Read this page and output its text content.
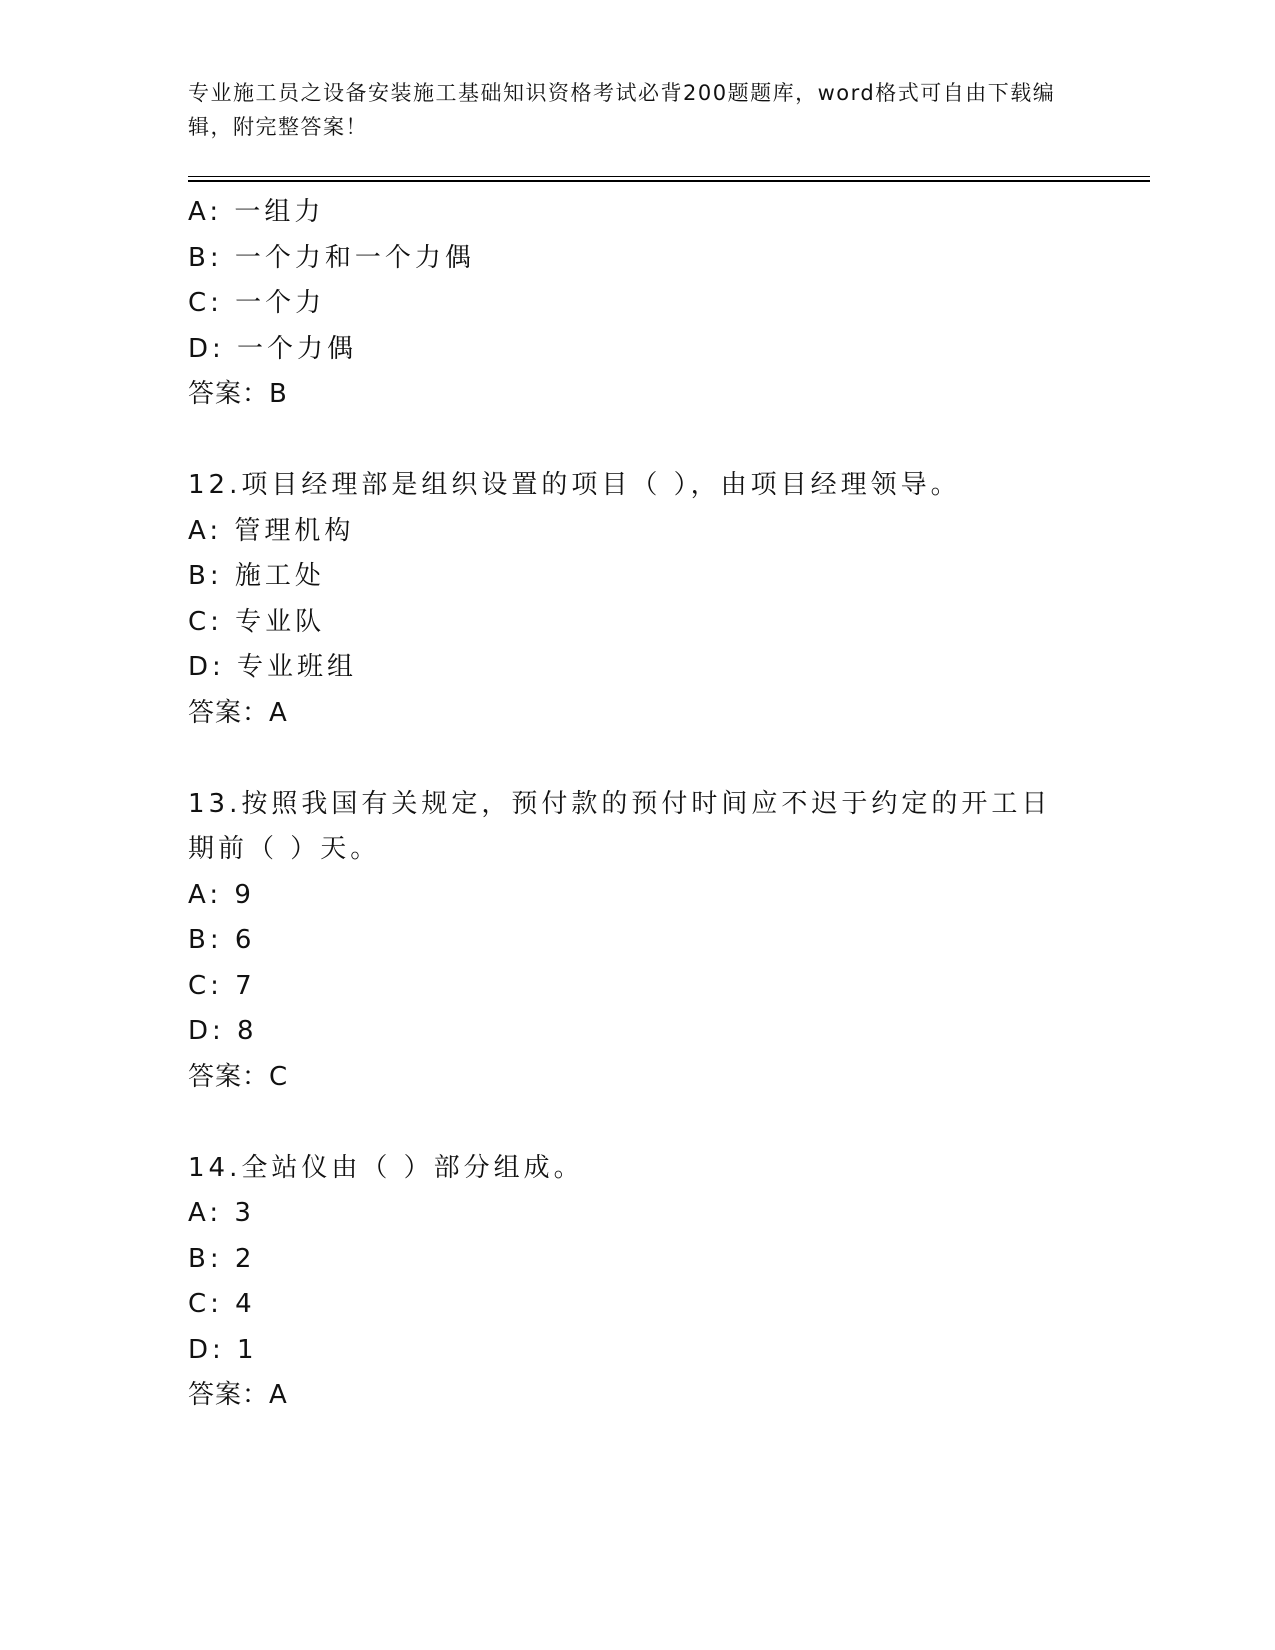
专业施工员之设备安装施工基础知识资格考试必背200题题库，word格式可自由下载编辑，附完整答案！
A: 一组力
B: 一个力和一个力偶
C: 一个力
D: 一个力偶
答案：B
12.项目经理部是组织设置的项目（ ），由项目经理领导。
A: 管理机构
B: 施工处
C: 专业队
D: 专业班组
答案：A
13.按照我国有关规定，预付款的预付时间应不迟于约定的开工日期前（ ）天。
A: 9
B: 6
C: 7
D: 8
答案：C
14.全站仪由（ ）部分组成。
A: 3
B: 2
C: 4
D: 1
答案：A
